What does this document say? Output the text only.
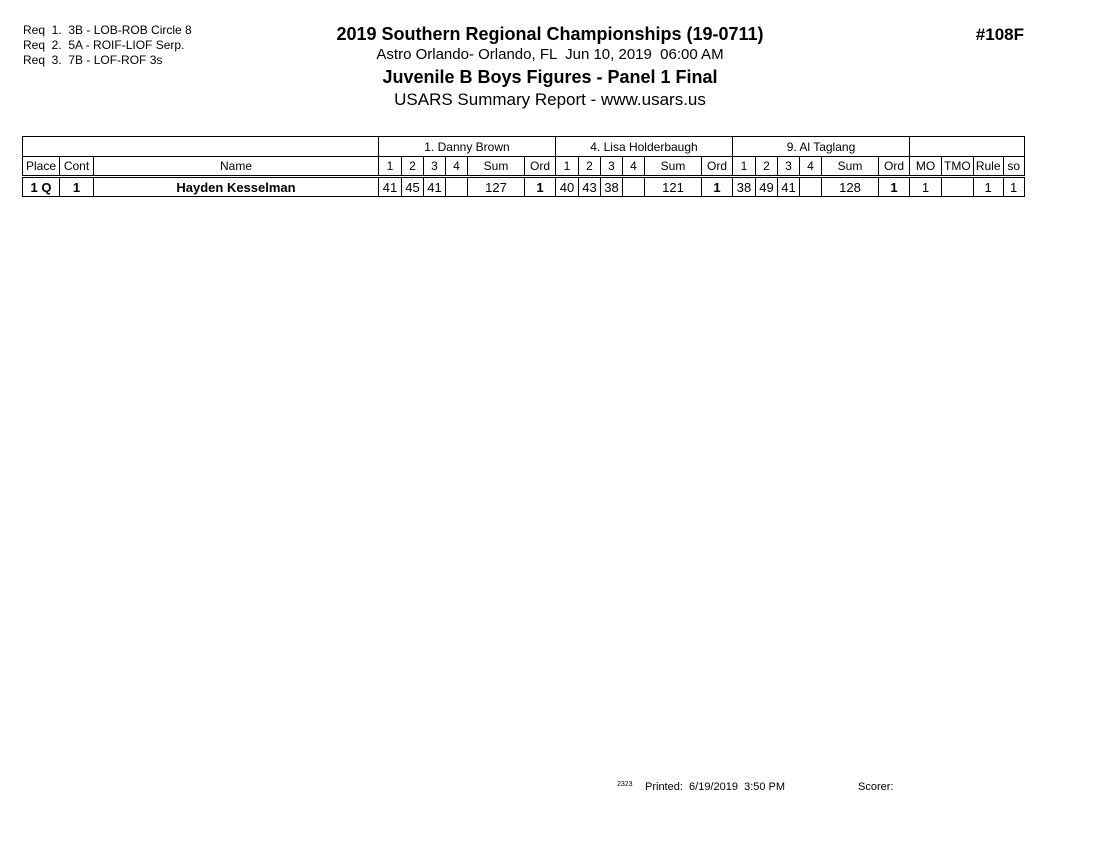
Req  1.  3B - LOB-ROB Circle 8
Req  2.  5A - ROIF-LIOF Serp.
Req  3.  7B - LOF-ROF 3s
2019 Southern Regional Championships (19-0711)
Astro Orlando- Orlando, FL  Jun 10, 2019  06:00 AM
Juvenile B Boys Figures - Panel 1 Final
USARS Summary Report - www.usars.us
#108F
			1. Danny Brown						4. Lisa Holderbaugh						9. Al Taglang									
Place	Cont	Name	1	2	3	4	Sum	Ord	1	2	3	4	Sum	Ord	1	2	3	4	Sum	Ord	MO	TMO	Rule	so
1 Q	1	Hayden Kesselman	41	45	41		127	1	40	43	38		121	1	38	49	41		128	1	1		1	1
2323 Printed:  6/19/2019  3:50 PM	Scorer:
